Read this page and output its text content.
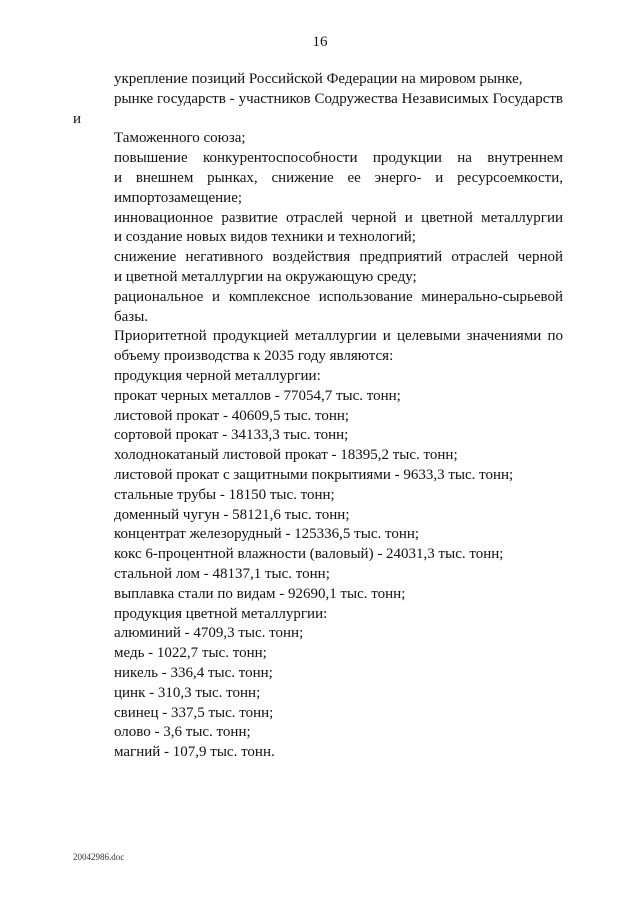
16

укрепление позиций Российской Федерации на мировом рынке,
рынке государств - участников Содружества Независимых Государств и
Таможенного союза;

повышение конкурентоспособности продукции на внутреннем
и внешнем рынках, снижение ее энерго- и ресурсоемкости,
импортозамещение;

инновационное развитие отраслей черной и цветной металлургии
и создание новых видов техники и технологий;

снижение негативного воздействия предприятий отраслей черной
и цветной металлургии на окружающую среду;

рациональное и комплексное использование минерально-сырьевой
базы.

Приоритетной продукцией металлургии и целевыми значениями по
объему производства к 2035 году являются:

продукция черной металлургии:

прокат черных металлов - 77054,7 тыс. тонн;

листовой прокат - 40609,5 тыс. тонн;

сортовой прокат - 34133,3 тыс. тонн;

холоднокатаный листовой прокат - 18395,2 тыс. тонн;

листовой прокат с защитными покрытиями - 9633,3 тыс. тонн;

стальные трубы - 18150 тыс. тонн;

доменный чугун - 58121,6 тыс. тонн;

концентрат железорудный - 125336,5 тыс. тонн;

кокс 6-процентной влажности (валовый) - 24031,3 тыс. тонн;

стальной лом - 48137,1 тыс. тонн;

выплавка стали по видам - 92690,1 тыс. тонн;

продукция цветной металлургии:

алюминий - 4709,3 тыс. тонн;

медь - 1022,7 тыс. тонн;

никель - 336,4 тыс. тонн;

цинк - 310,3 тыс. тонн;

свинец - 337,5 тыс. тонн;

олово - 3,6 тыс. тонн;

магний - 107,9 тыс. тонн.

20042986.doc
